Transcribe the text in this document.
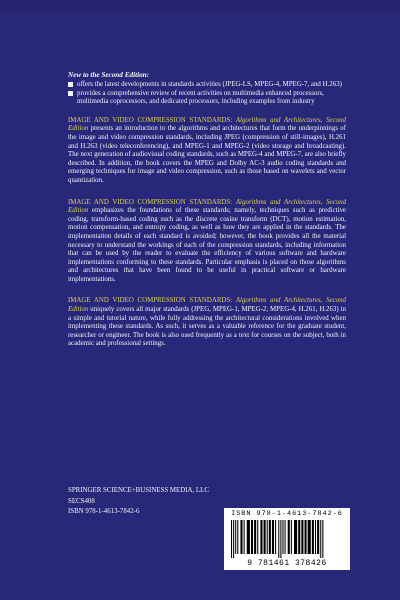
New to the Second Edition:
offers the latest developments in standards activities (JPEG-LS, MPEG-4, MPEG-7, and H.263)
provides a comprehensive review of recent activities on multimedia enhanced processors, multimedia coprocessors, and dedicated processors, including examples from industry

IMAGE AND VIDEO COMPRESSION STANDARDS: Algorithms and Architectures, Second Edition presents an introduction to the algorithms and architectures that form the underpinnings of the image and video compression standards, including JPEG (compression of still-images), H.261 and H.263 (video teleconferencing), and MPEG-1 and MPEG-2 (video storage and broadcasting). The next generation of audiovisual coding standards, such as MPEG-4 and MPEG-7, are also briefly described. In addition, the book covers the MPEG and Dolby AC-3 audio coding standards and emerging techniques for image and video compression, such as those based on wavelets and vector quantization.

IMAGE AND VIDEO COMPRESSION STANDARDS: Algorithms and Architectures, Second Edition emphasizes the foundations of these standards; namely, techniques such as predictive coding, transform-based coding such as the discrete cosine transform (DCT), motion estimation, motion compensation, and entropy coding, as well as how they are applied in the standards. The implementation details of each standard is avoided; however, the book provides all the material necessary to understand the workings of each of the compression standards, including information that can be used by the reader to evaluate the efficiency of various software and hardware implementations conforming to these standards. Particular emphasis is placed on those algorithms and architectures that have been found to be useful in practical software or hardware implementations.

IMAGE AND VIDEO COMPRESSION STANDARDS: Algorithms and Architectures, Second Edition uniquely covers all major standards (JPEG, MPEG-1, MPEG-2, MPEG-4, H.261, H.263) in a simple and tutorial nature, while fully addressing the architectural considerations involved when implementing these standards. As such, it serves as a valuable reference for the graduate student, researcher or engineer. The book is also used frequently as a text for courses on the subject, both in academic and professional settings.

SPRINGER SCIENCE+BUSINESS MEDIA, LLC
SECS408
ISBN 978-1-4613-7842-6	ISBN 978-1-4613-7842-6
9 781461 378426
